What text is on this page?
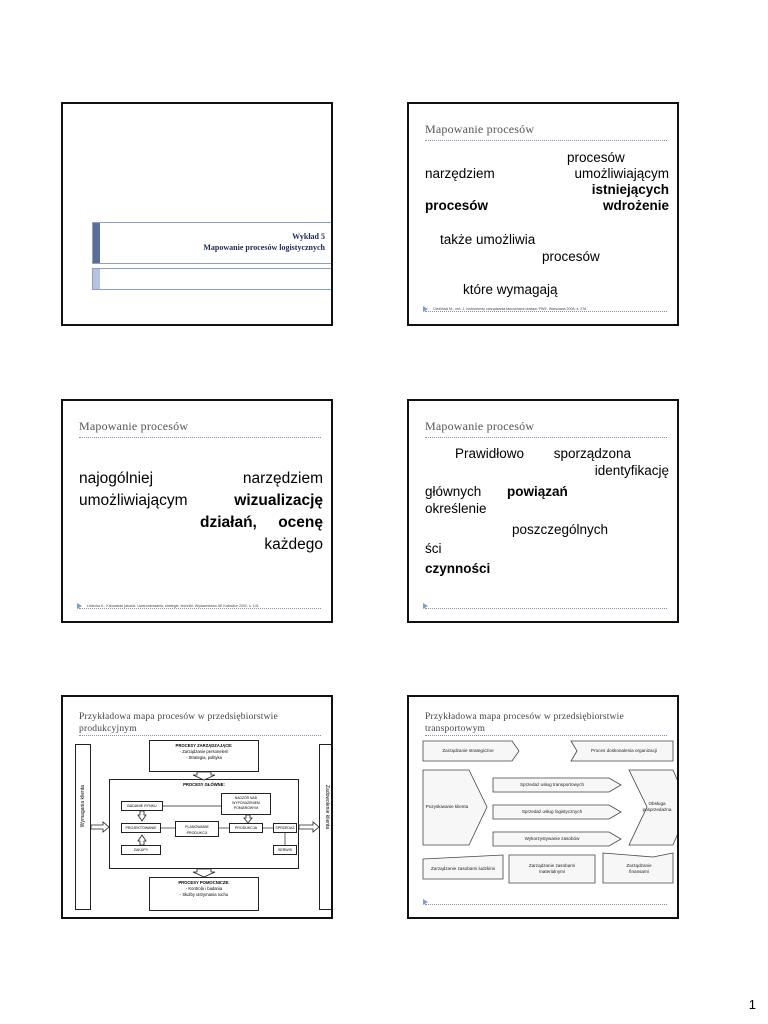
Wykład 5
Mapowanie procesów logistycznych
Mapowanie procesów
procesów
narzędziem	umożliwiającym
istniejących
procesów	wdrożenie
także umożliwia
procesów
które wymagają
Cieśliński M., red. J. Instrumenty zarządzania łańcuchami dostaw. PWE, Warszawa 2008, s. 276
Mapowanie procesów
najogólniej	narzędziem
umożliwiającym	wizualizację
działań, ocenę
każdego
Lisiecka K., Kreowanie jakości. Uwarunkowania, strategie, techniki. Wydawnictwo AE Katowice 2002, s. 141
Mapowanie procesów
Prawidłowo sporządzona
identyfikację
głównych powiązań
określenie
poszczególnych
ści
czynności
Przykładowa mapa procesów w przedsiębiorstwie produkcyjnym
Wymagania klienta	Zadowolenie klienta
PROCESY ZARZĄDZAJĄCE:
- Zarządzanie personelem
- Strategia, polityka
PROCESY GŁÓWNE:
BADANIE RYNKU
NADZÓR NAD WYPOSAŻENIEM POMIAROWYM
PROJEKTOWANIE	PLANOWANIE PRODUKCJI
PRODUKCJA	SPRZEDAŻ
ZAKUPY	SERWIS
PROCESY POMOCNICZE:
- Kontrola i badania
- Służby utrzymania ruchu
Przykładowa mapa procesów w przedsiębiorstwie transportowym
Zarządzanie strategiczne	Proces doskonalenia organizacji
Pozyskiwanie klienta
Obsługa posprzedażna
Sprzedaż usług transportowych
Sprzedaż usług logistycznych
Wykorzystywanie zasobów
Zarządzanie zasobami ludzkimi
Zarządzanie zasobami materialnymi
Zarządzanie finansami
1
